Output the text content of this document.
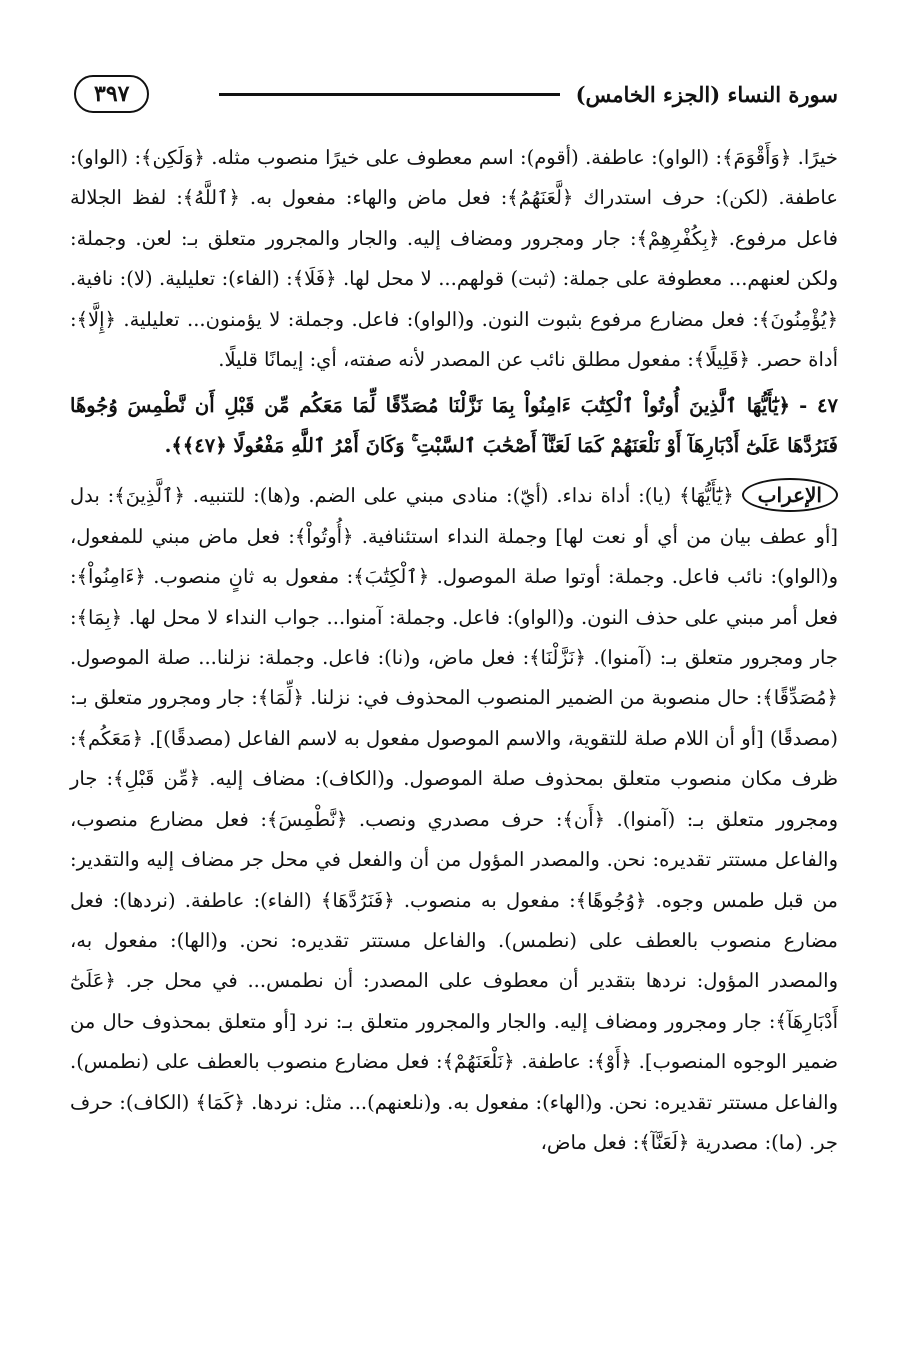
سورة النساء (الجزء الخامس)
٣٩٧

خيرًا. ﴿وَأَقْوَمَ﴾: (الواو): عاطفة. (أقوم): اسم معطوف على خيرًا منصوب مثله. ﴿وَلَكِن﴾: (الواو): عاطفة. (لكن): حرف استدراك ﴿لَّعَنَهُمُ﴾: فعل ماض والهاء: مفعول به. ﴿ٱللَّهُ﴾: لفظ الجلالة فاعل مرفوع. ﴿بِكُفْرِهِمْ﴾: جار ومجرور ومضاف إليه. والجار والمجرور متعلق بـ: لعن. وجملة: ولكن لعنهم... معطوفة على جملة: (ثبت) قولهم... لا محل لها. ﴿فَلَا﴾: (الفاء): تعليلية. (لا): نافية. ﴿يُؤْمِنُونَ﴾: فعل مضارع مرفوع بثبوت النون. و(الواو): فاعل. وجملة: لا يؤمنون... تعليلية. ﴿إِلَّا﴾: أداة حصر. ﴿قَلِيلًا﴾: مفعول مطلق نائب عن المصدر لأنه صفته، أي: إيمانًا قليلًا.

٤٧ - ﴿يَٰٓأَيُّهَا ٱلَّذِينَ أُوتُواْ ٱلْكِتَٰبَ ءَامِنُواْ بِمَا نَزَّلْنَا مُصَدِّقًا لِّمَا مَعَكُم مِّن قَبْلِ أَن نَّطْمِسَ وُجُوهًا فَنَرُدَّهَا عَلَىٰٓ أَدْبَارِهَآ أَوْ نَلْعَنَهُمْ كَمَا لَعَنَّآ أَصْحَٰبَ ٱلسَّبْتِ ۚ وَكَانَ أَمْرُ ٱللَّهِ مَفْعُولًا ﴿٤٧﴾﴾.

الإعراب﴿يَٰٓأَيُّهَا﴾ (يا): أداة نداء. (أيّ): منادى مبني على الضم. و(ها): للتنبيه. ﴿ٱلَّذِينَ﴾: بدل [أو عطف بيان من أي أو نعت لها] وجملة النداء استئنافية. ﴿أُوتُواْ﴾: فعل ماض مبني للمفعول، و(الواو): نائب فاعل. وجملة: أوتوا صلة الموصول. ﴿ٱلْكِتَٰبَ﴾: مفعول به ثانٍ منصوب. ﴿ءَامِنُواْ﴾: فعل أمر مبني على حذف النون. و(الواو): فاعل. وجملة: آمنوا... جواب النداء لا محل لها. ﴿بِمَا﴾: جار ومجرور متعلق بـ: (آمنوا). ﴿نَزَّلْنَا﴾: فعل ماض، و(نا): فاعل. وجملة: نزلنا... صلة الموصول. ﴿مُصَدِّقًا﴾: حال منصوبة من الضمير المنصوب المحذوف في: نزلنا. ﴿لِّمَا﴾: جار ومجرور متعلق بـ: (مصدقًا) [أو أن اللام صلة للتقوية، والاسم الموصول مفعول به لاسم الفاعل (مصدقًا)]. ﴿مَعَكُم﴾: ظرف مكان منصوب متعلق بمحذوف صلة الموصول. و(الكاف): مضاف إليه. ﴿مِّن قَبْلِ﴾: جار ومجرور متعلق بـ: (آمنوا). ﴿أَن﴾: حرف مصدري ونصب. ﴿نَّطْمِسَ﴾: فعل مضارع منصوب، والفاعل مستتر تقديره: نحن. والمصدر المؤول من أن والفعل في محل جر مضاف إليه والتقدير: من قبل طمس وجوه. ﴿وُجُوهًا﴾: مفعول به منصوب. ﴿فَنَرُدَّهَا﴾ (الفاء): عاطفة. (نردها): فعل مضارع منصوب بالعطف على (نطمس). والفاعل مستتر تقديره: نحن. و(الها): مفعول به، والمصدر المؤول: نردها بتقدير أن معطوف على المصدر: أن نطمس... في محل جر. ﴿عَلَىٰٓ أَدْبَارِهَآ﴾: جار ومجرور ومضاف إليه. والجار والمجرور متعلق بـ: نرد [أو متعلق بمحذوف حال من ضمير الوجوه المنصوب]. ﴿أَوْ﴾: عاطفة. ﴿نَلْعَنَهُمْ﴾: فعل مضارع منصوب بالعطف على (نطمس). والفاعل مستتر تقديره: نحن. و(الهاء): مفعول به. و(نلعنهم)... مثل: نردها. ﴿كَمَا﴾ (الكاف): حرف جر. (ما): مصدرية ﴿لَعَنَّآ﴾: فعل ماض،
